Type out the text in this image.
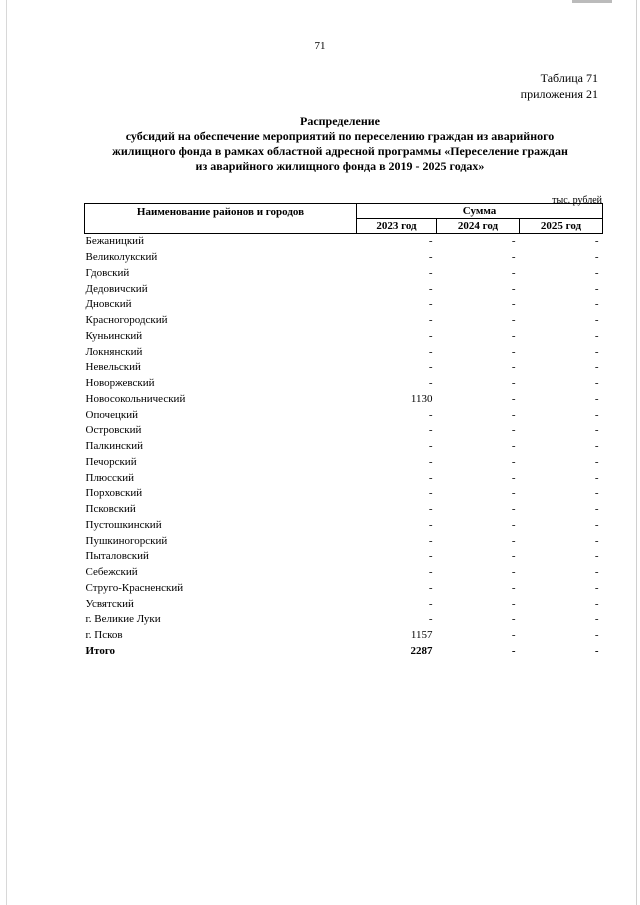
71
Таблица 71
приложения 21
Распределение
субсидий на обеспечение мероприятий по переселению граждан из аварийного
жилищного фонда в рамках областной адресной программы «Переселение граждан
из аварийного жилищного фонда в 2019 - 2025 годах»
тыс. рублей
Наименование районов и городов	Сумма		
	2023 год	2024 год	2025 год
Бежаницкий	-	-	-
Великолукский	-	-	-
Гдовский	-	-	-
Дедовичский	-	-	-
Дновский	-	-	-
Красногородский	-	-	-
Куньинский	-	-	-
Локнянский	-	-	-
Невельский	-	-	-
Новоржевский	-	-	-
Новосокольнический	1130	-	-
Опочецкий	-	-	-
Островский	-	-	-
Палкинский	-	-	-
Печорский	-	-	-
Плюсский	-	-	-
Порховский	-	-	-
Псковский	-	-	-
Пустошкинский	-	-	-
Пушкиногорский	-	-	-
Пыталовский	-	-	-
Себежский	-	-	-
Струго-Красненский	-	-	-
Усвятский	-	-	-
г. Великие Луки	-	-	-
г. Псков	1157	-	-
Итого	2287	-	-
